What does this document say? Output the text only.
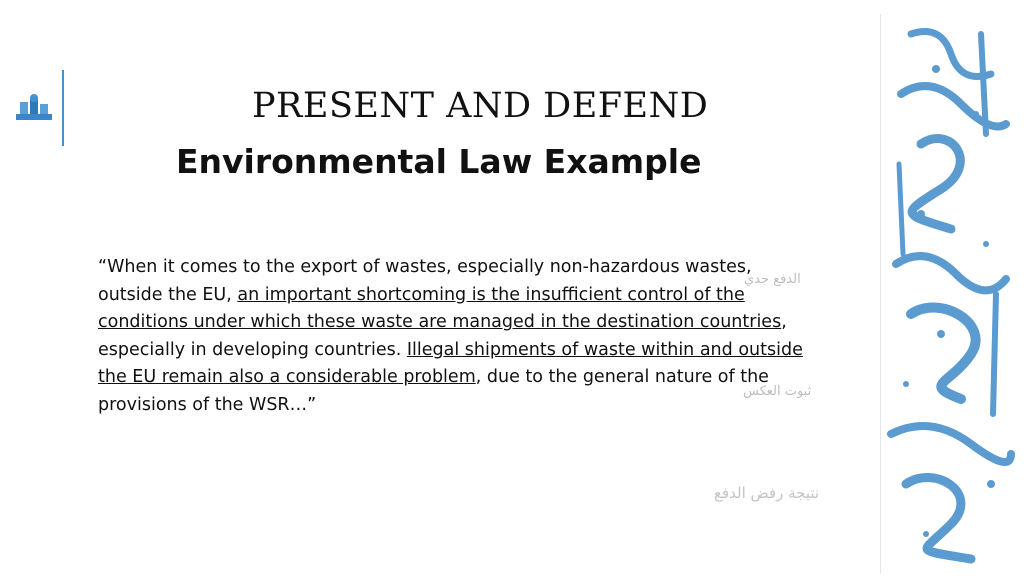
PRESENT AND DEFEND
Environmental Law Example

“When it comes to the export of wastes, especially non-hazardous wastes, outside the EU, an important shortcoming is the insufficient control of the conditions under which these waste are managed in the destination countries, especially in developing countries. Illegal shipments of waste within and outside the EU remain also a considerable problem, due to the general nature of the provisions of the WSR…”

الدفع جدي
ثبوت العكس
نتيجة رفض الدفع
